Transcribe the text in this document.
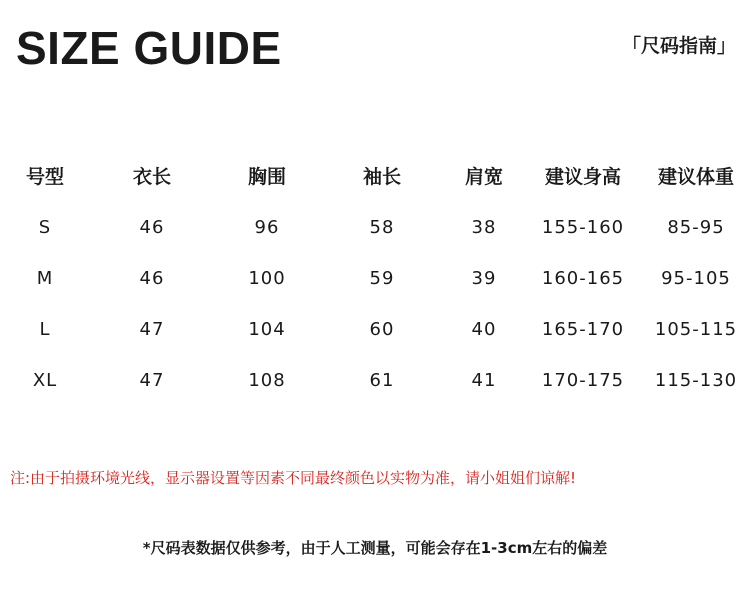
SIZE GUIDE	「尺码指南」
号型	衣长	胸围	袖长	肩宽	建议身高	建议体重
S	46	96	58	38	155-160	85-95
M	46	100	59	39	160-165	95-105
L	47	104	60	40	165-170	105-115
XL	47	108	61	41	170-175	115-130
注:由于拍摄环境光线，显示器设置等因素不同最终颜色以实物为准，请小姐姐们谅解!
*尺码表数据仅供参考，由于人工测量，可能会存在1-3cm左右的偏差
